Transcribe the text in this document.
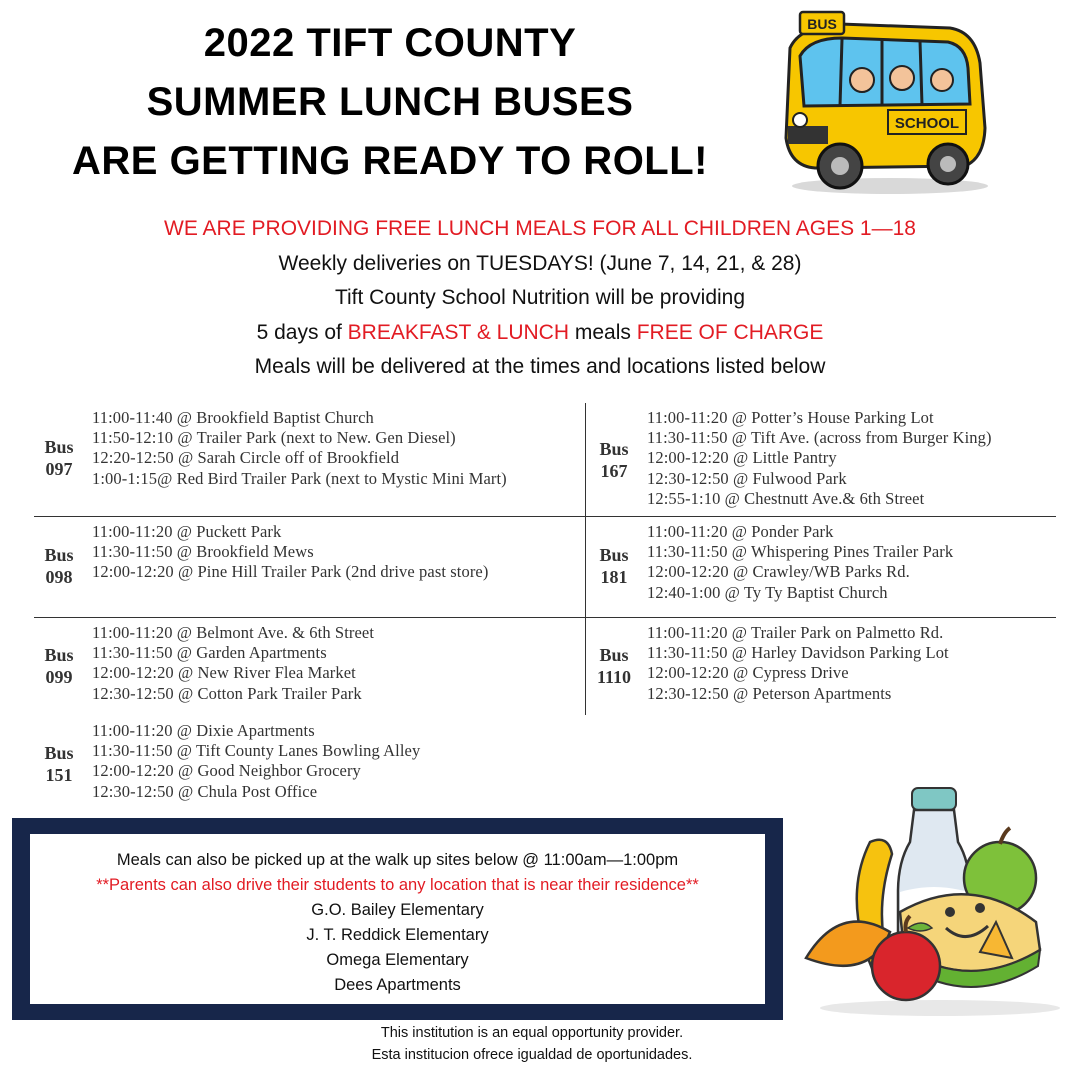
2022 TIFT COUNTY
SUMMER LUNCH BUSES
ARE GETTING READY TO ROLL!
BUS
SCHOOL
WE ARE PROVIDING FREE LUNCH MEALS FOR ALL CHILDREN AGES 1—18
Weekly deliveries on TUESDAYS! (June 7, 14, 21, & 28)
Tift County School Nutrition will be providing
5 days of BREAKFAST & LUNCH meals FREE OF CHARGE
Meals will be delivered at the times and locations listed below
Bus
097
11:00-11:40 @ Brookfield Baptist Church
11:50-12:10 @ Trailer Park (next to New. Gen Diesel)
12:20-12:50 @ Sarah Circle off of Brookfield
1:00-1:15@ Red Bird Trailer Park (next to Mystic Mini Mart)
Bus
167
11:00-11:20 @ Potter’s House Parking Lot
11:30-11:50 @ Tift Ave. (across from Burger King)
12:00-12:20 @ Little Pantry
12:30-12:50 @ Fulwood Park
12:55-1:10 @ Chestnutt Ave.& 6th Street
Bus
098
11:00-11:20 @ Puckett Park
11:30-11:50 @ Brookfield Mews
12:00-12:20 @ Pine Hill Trailer Park (2nd drive past store)
Bus
181
11:00-11:20 @ Ponder Park
11:30-11:50 @ Whispering Pines Trailer Park
12:00-12:20 @ Crawley/WB Parks Rd.
12:40-1:00 @ Ty Ty Baptist Church
Bus
099
11:00-11:20 @ Belmont Ave. & 6th Street
11:30-11:50 @ Garden Apartments
12:00-12:20 @ New River Flea Market
12:30-12:50 @ Cotton Park Trailer Park
Bus
1110
11:00-11:20 @ Trailer Park on Palmetto Rd.
11:30-11:50 @ Harley Davidson Parking Lot
12:00-12:20 @ Cypress Drive
12:30-12:50 @ Peterson Apartments
Bus
151
11:00-11:20 @ Dixie Apartments
11:30-11:50 @ Tift County Lanes Bowling Alley
12:00-12:20 @ Good Neighbor Grocery
12:30-12:50 @ Chula Post Office
Meals can also be picked up at the walk up sites below @ 11:00am—1:00pm
**Parents can also drive their students to any location that is near their residence**
G.O. Bailey Elementary
J. T. Reddick Elementary
Omega Elementary
Dees Apartments
This institution is an equal opportunity provider.
Esta institucion ofrece igualdad de oportunidades.
